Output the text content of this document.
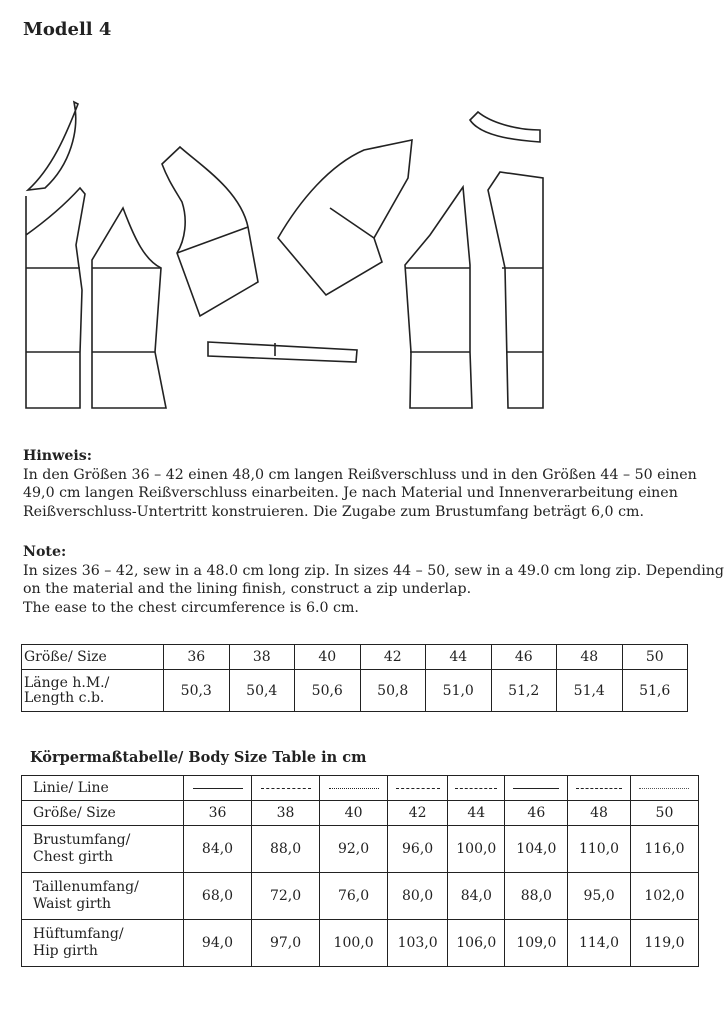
Modell 4
Hinweis:
In den Größen 36 – 42 einen 48,0 cm langen Reißverschluss und in den Größen 44 – 50 einen
49,0 cm langen Reißverschluss einarbeiten. Je nach Material und Innenverarbeitung einen
Reißverschluss-Untertritt konstruieren. Die Zugabe zum Brustumfang beträgt 6,0 cm.
Note:
In sizes 36 – 42, sew in a 48.0 cm long zip. In sizes 44 – 50, sew in a 49.0 cm long zip. Depending
on the material and the lining finish, construct a zip underlap.
The ease to the chest circumference is 6.0 cm.
Größe/ Size	36	38	40	42	44	46	48	50

Länge h.M./
Length c.b.	50,3	50,4	50,6	50,8	51,0	51,2	51,4	51,6
Körpermaßtabelle/ Body Size Table in cm
Linie/ Line								
Größe/ Size	36	38	40	42	44	46	48	50

Brustumfang/
Chest girth	84,0	88,0	92,0	96,0	100,0	104,0	110,0	116,0

Taillenumfang/
Waist girth	68,0	72,0	76,0	80,0	84,0	88,0	95,0	102,0

Hüftumfang/
Hip girth	94,0	97,0	100,0	103,0	106,0	109,0	114,0	119,0
